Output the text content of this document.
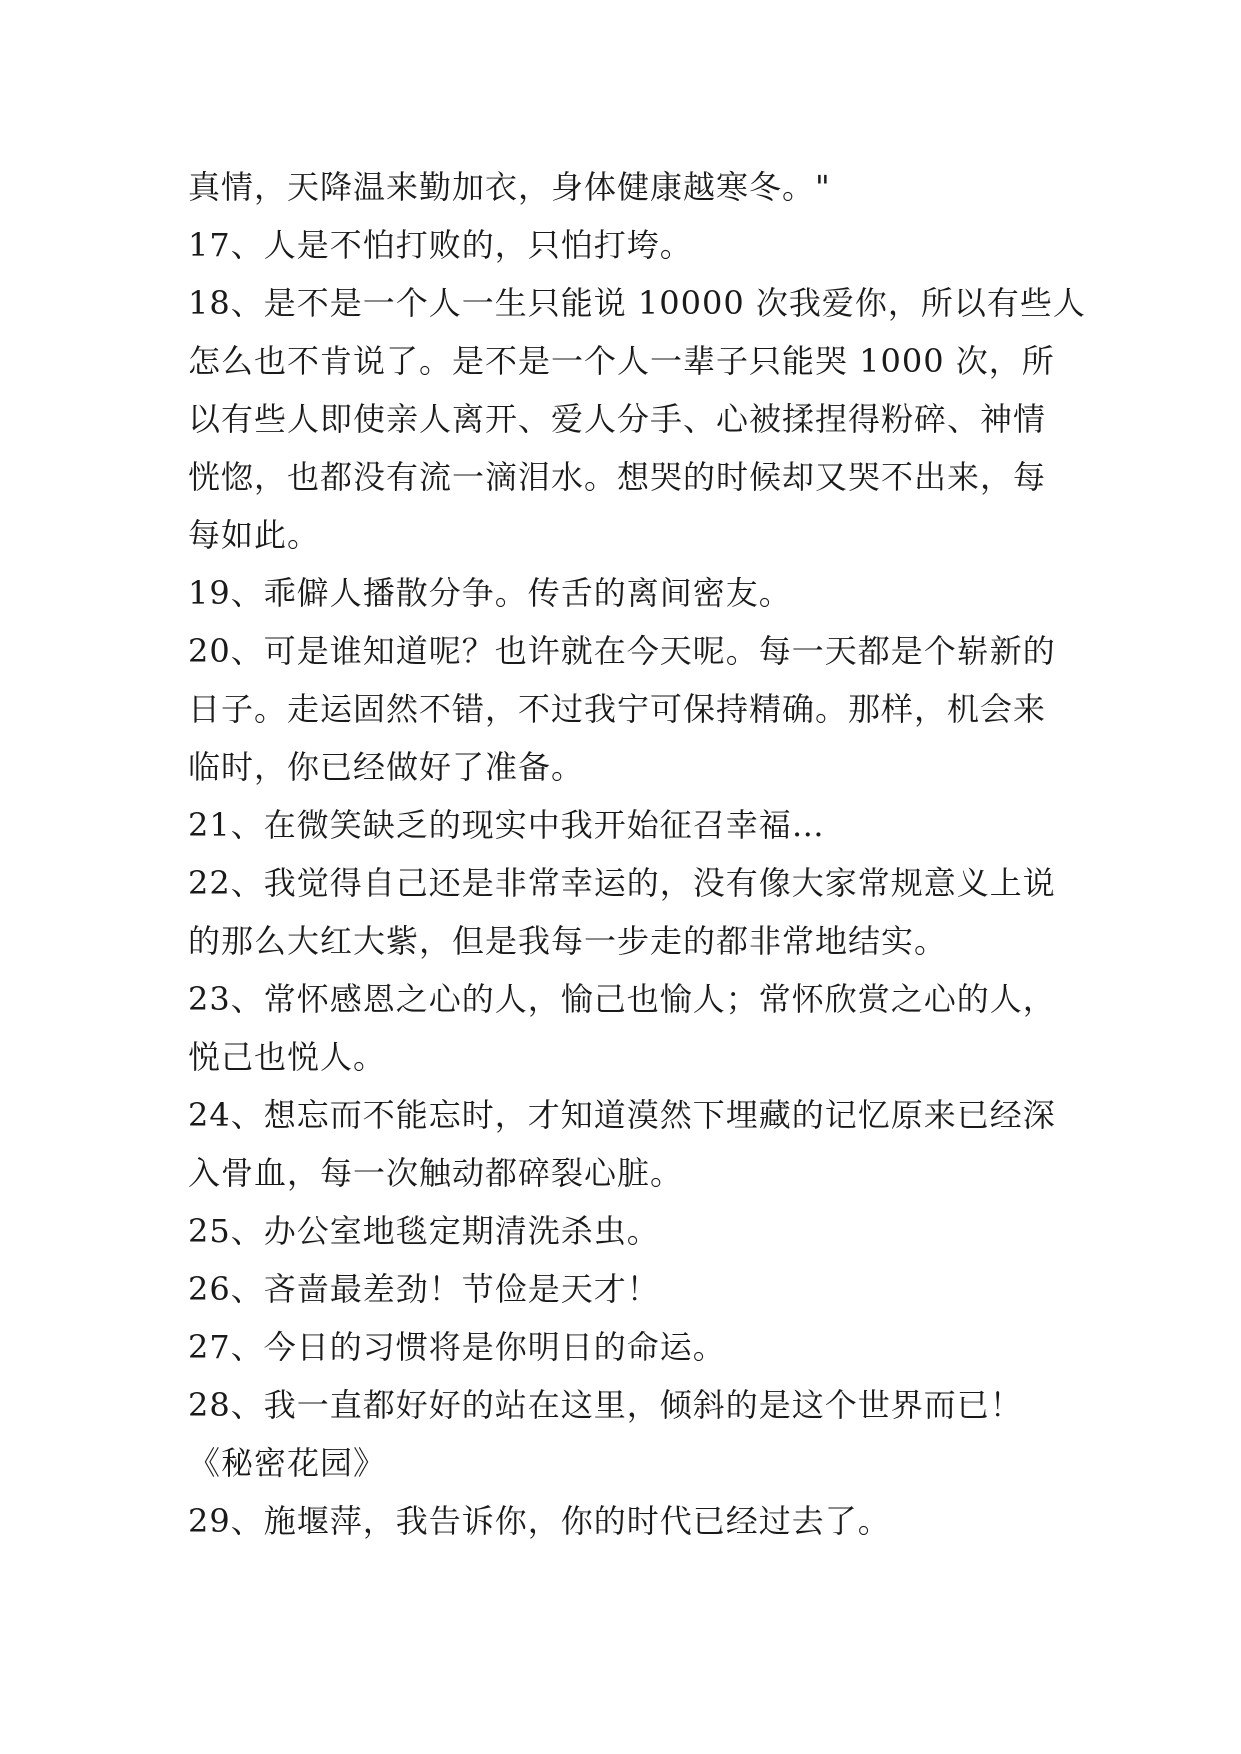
真情，天降温来勤加衣，身体健康越寒冬。"
17、人是不怕打败的，只怕打垮。
18、是不是一个人一生只能说 10000 次我爱你，所以有些人
怎么也不肯说了。是不是一个人一辈子只能哭 1000 次，所
以有些人即使亲人离开、爱人分手、心被揉捏得粉碎、神情
恍惚，也都没有流一滴泪水。想哭的时候却又哭不出来，每
每如此。
19、乖僻人播散分争。传舌的离间密友。
20、可是谁知道呢？也许就在今天呢。每一天都是个崭新的
日子。走运固然不错，不过我宁可保持精确。那样，机会来
临时，你已经做好了准备。
21、在微笑缺乏的现实中我开始征召幸福…
22、我觉得自己还是非常幸运的，没有像大家常规意义上说
的那么大红大紫，但是我每一步走的都非常地结实。
23、常怀感恩之心的人，愉己也愉人；常怀欣赏之心的人，
悦己也悦人。
24、想忘而不能忘时，才知道漠然下埋藏的记忆原来已经深
入骨血，每一次触动都碎裂心脏。
25、办公室地毯定期清洗杀虫。
26、吝啬最差劲！节俭是天才！
27、今日的习惯将是你明日的命运。
28、我一直都好好的站在这里，倾斜的是这个世界而已！
《秘密花园》
29、施堰萍，我告诉你，你的时代已经过去了。
